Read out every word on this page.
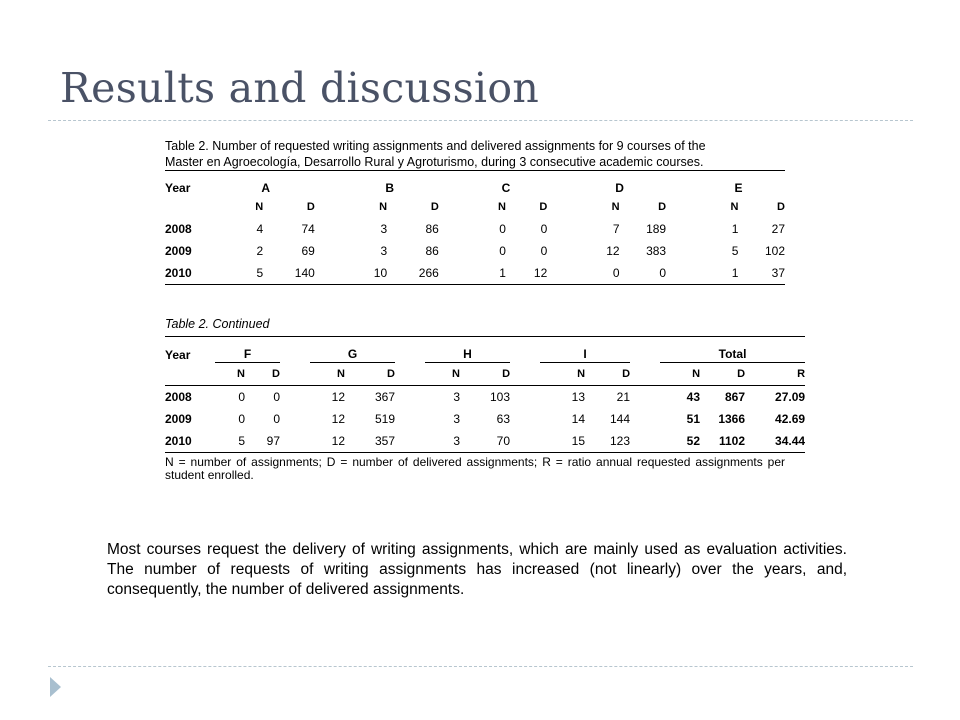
Results and discussion

Table 2. Number of requested writing assignments and delivered assignments for 9 courses of the

Master en Agroecología, Desarrollo Rural y Agroturismo, during 3 consecutive academic courses.

Year	A			B			C			D			E	
	N	D		N	D		N	D		N	D		N	D
2008	4	74		3	86		0	0		7	189		1	27
2009	2	69		3	86		0	0		12	383		5	102
2010	5	140		10	266		1	12		0	0		1	37

Table 2. Continued

Year	F			G			H			I			Total		
	N	D		N	D		N	D		N	D		N	D	R
2008	0	0		12	367		3	103		13	21		43	867	27.09
2009	0	0		12	519		3	63		14	144		51	1366	42.69
2010	5	97		12	357		3	70		15	123		52	1102	34.44

N = number of assignments; D = number of delivered assignments; R = ratio annual requested assignments per student enrolled.

Most courses request the delivery of writing assignments, which are mainly used as evaluation activities. The number of requests of writing assignments has increased (not linearly) over the years, and, consequently, the number of delivered assignments.
